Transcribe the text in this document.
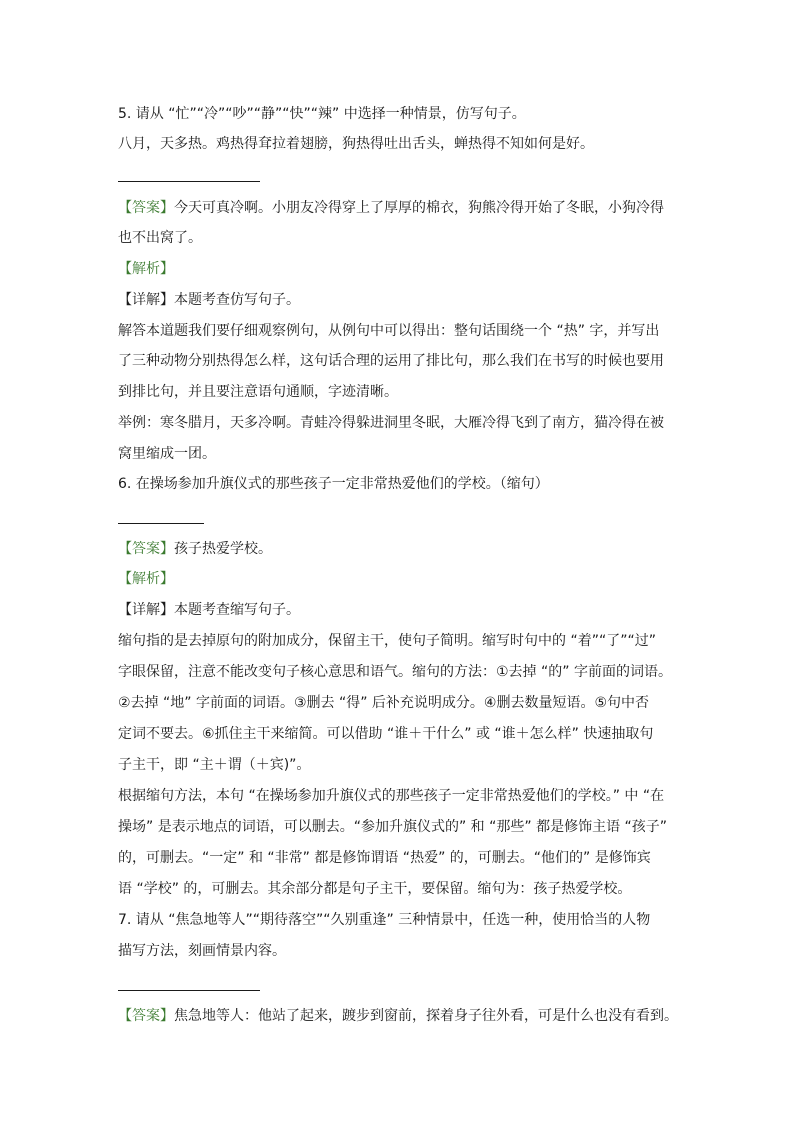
5. 请从 “忙”“冷”“吵”“静”“快”“辣” 中选择一种情景，仿写句子。
八月，天多热。鸡热得耷拉着翅膀，狗热得吐出舌头，蝉热得不知如何是好。
【答案】今天可真冷啊。小朋友冷得穿上了厚厚的棉衣，狗熊冷得开始了冬眠，小狗冷得
也不出窝了。
【解析】
【详解】本题考查仿写句子。
解答本道题我们要仔细观察例句，从例句中可以得出：整句话围绕一个 “热” 字，并写出
了三种动物分别热得怎么样，这句话合理的运用了排比句，那么我们在书写的时候也要用
到排比句，并且要注意语句通顺，字迹清晰。
举例：寒冬腊月，天多冷啊。青蛙冷得躲进洞里冬眠，大雁冷得飞到了南方，猫冷得在被
窝里缩成一团。
6. 在操场参加升旗仪式的那些孩子一定非常热爱他们的学校。（缩句）
【答案】孩子热爱学校。
【解析】
【详解】本题考查缩写句子。
缩句指的是去掉原句的附加成分，保留主干，使句子简明。缩写时句中的 “着”“了”“过”
字眼保留，注意不能改变句子核心意思和语气。缩句的方法：①去掉 “的” 字前面的词语。
②去掉 “地” 字前面的词语。③删去 “得” 后补充说明成分。④删去数量短语。⑤句中否
定词不要去。⑥抓住主干来缩简。可以借助 “谁＋干什么” 或 “谁＋怎么样” 快速抽取句
子主干，即 “主＋谓（＋宾)”。
根据缩句方法，本句 “在操场参加升旗仪式的那些孩子一定非常热爱他们的学校。” 中 “在
操场” 是表示地点的词语，可以删去。“参加升旗仪式的” 和 “那些” 都是修饰主语 “孩子”
的，可删去。“一定” 和 “非常” 都是修饰谓语 “热爱” 的，可删去。“他们的” 是修饰宾
语 “学校” 的，可删去。其余部分都是句子主干，要保留。缩句为：孩子热爱学校。
7. 请从 “焦急地等人”“期待落空”“久别重逢” 三种情景中，任选一种，使用恰当的人物
描写方法，刻画情景内容。
【答案】焦急地等人：他站了起来，踱步到窗前，探着身子往外看，可是什么也没有看到。
